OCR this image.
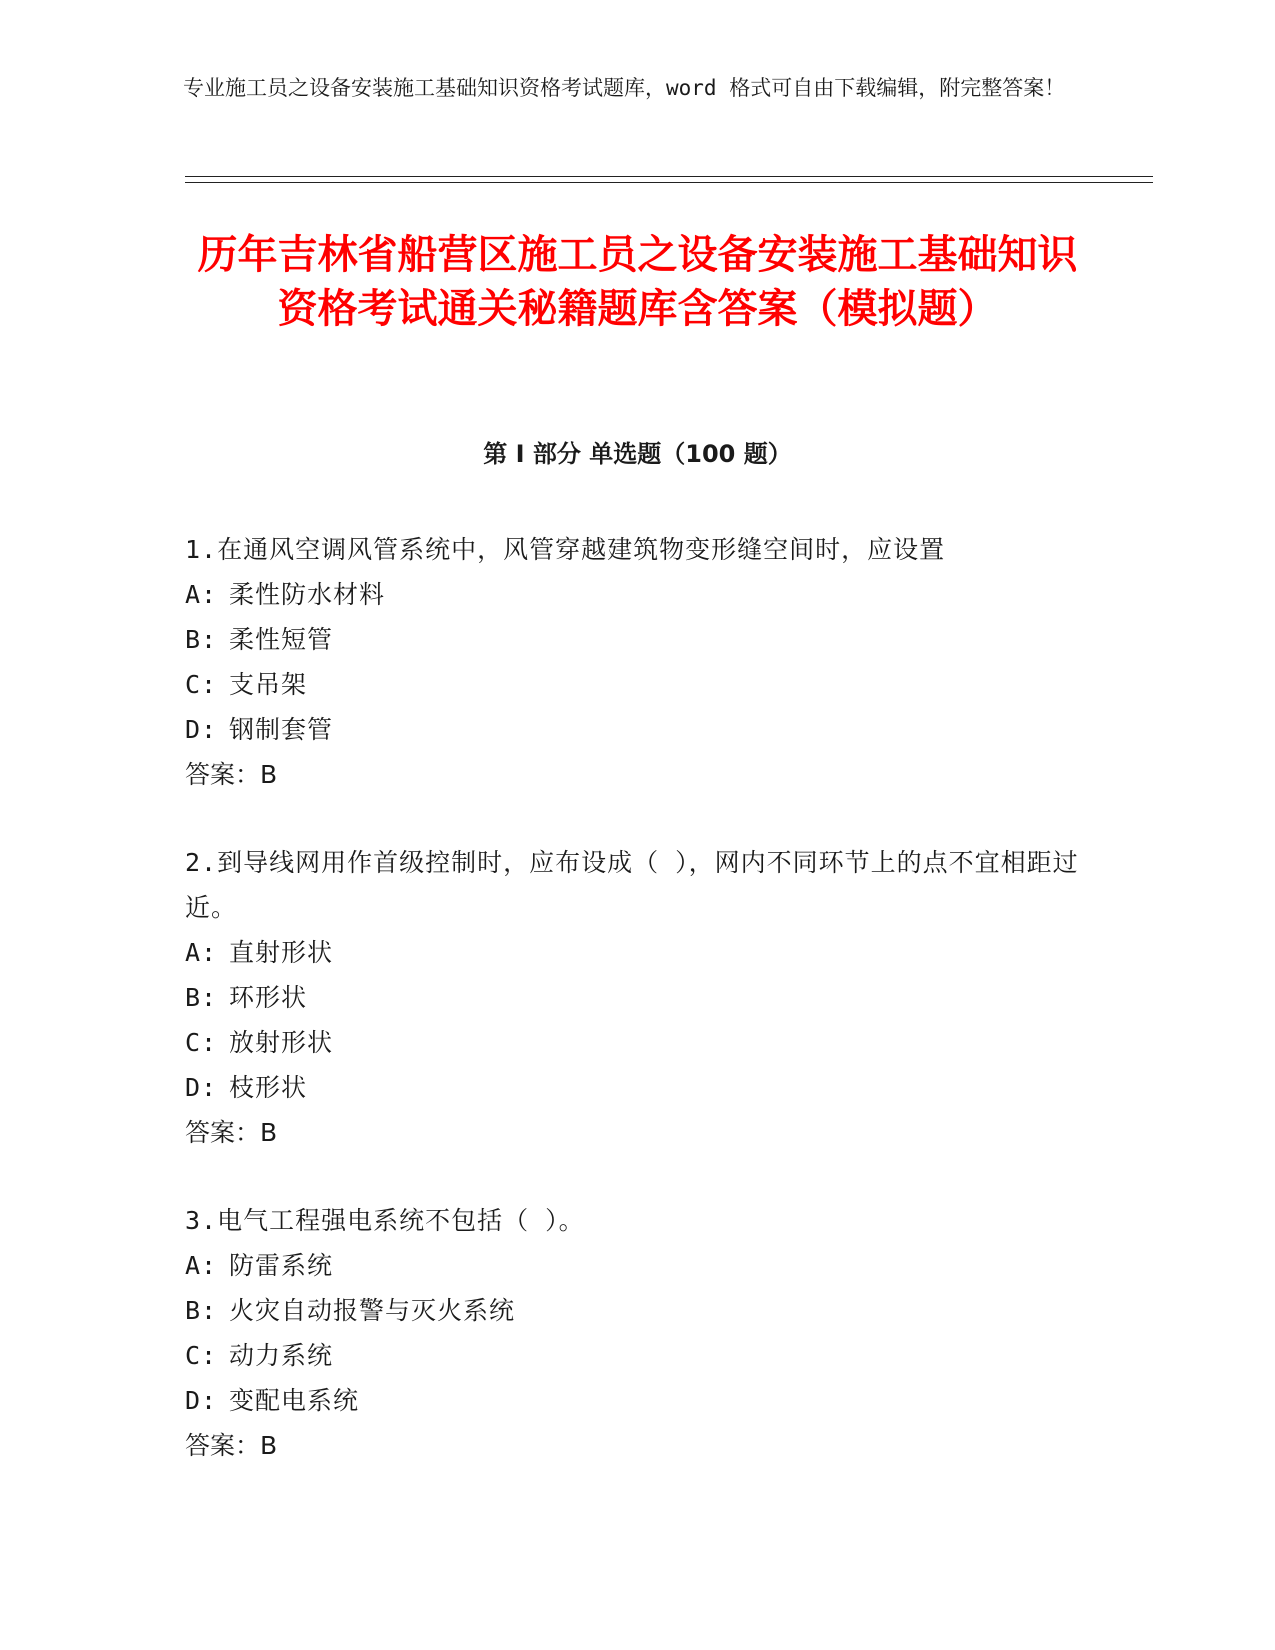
专业施工员之设备安装施工基础知识资格考试题库，word 格式可自由下载编辑，附完整答案！
历年吉林省船营区施工员之设备安装施工基础知识资格考试通关秘籍题库含答案（模拟题）
第 I 部分 单选题（100 题）
1.在通风空调风管系统中，风管穿越建筑物变形缝空间时，应设置
A: 柔性防水材料
B: 柔性短管
C: 支吊架
D: 钢制套管
答案：B
2.到导线网用作首级控制时，应布设成（ ），网内不同环节上的点不宜相距过近。
A: 直射形状
B: 环形状
C: 放射形状
D: 枝形状
答案：B
3.电气工程强电系统不包括（ ）。
A: 防雷系统
B: 火灾自动报警与灭火系统
C: 动力系统
D: 变配电系统
答案：B
